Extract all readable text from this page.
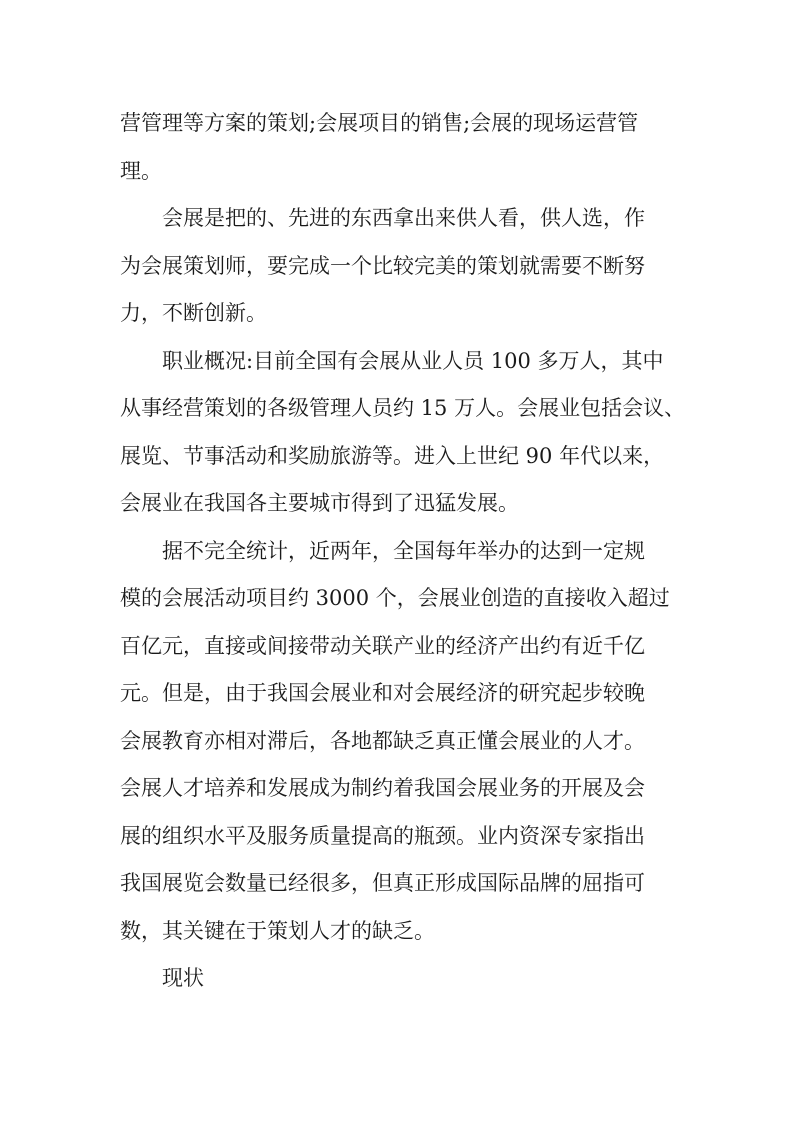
营管理等方案的策划;会展项目的销售;会展的现场运营管
理。
会展是把的、先进的东西拿出来供人看，供人选，作
为会展策划师，要完成一个比较完美的策划就需要不断努
力，不断创新。
职业概况:目前全国有会展从业人员 100 多万人，其中
从事经营策划的各级管理人员约 15 万人。会展业包括会议、
展览、节事活动和奖励旅游等。进入上世纪 90 年代以来，
会展业在我国各主要城市得到了迅猛发展。
据不完全统计，近两年，全国每年举办的达到一定规
模的会展活动项目约 3000 个，会展业创造的直接收入超过
百亿元，直接或间接带动关联产业的经济产出约有近千亿
元。但是，由于我国会展业和对会展经济的研究起步较晚
会展教育亦相对滞后，各地都缺乏真正懂会展业的人才。
会展人才培养和发展成为制约着我国会展业务的开展及会
展的组织水平及服务质量提高的瓶颈。业内资深专家指出
我国展览会数量已经很多，但真正形成国际品牌的屈指可
数，其关键在于策划人才的缺乏。
现状
